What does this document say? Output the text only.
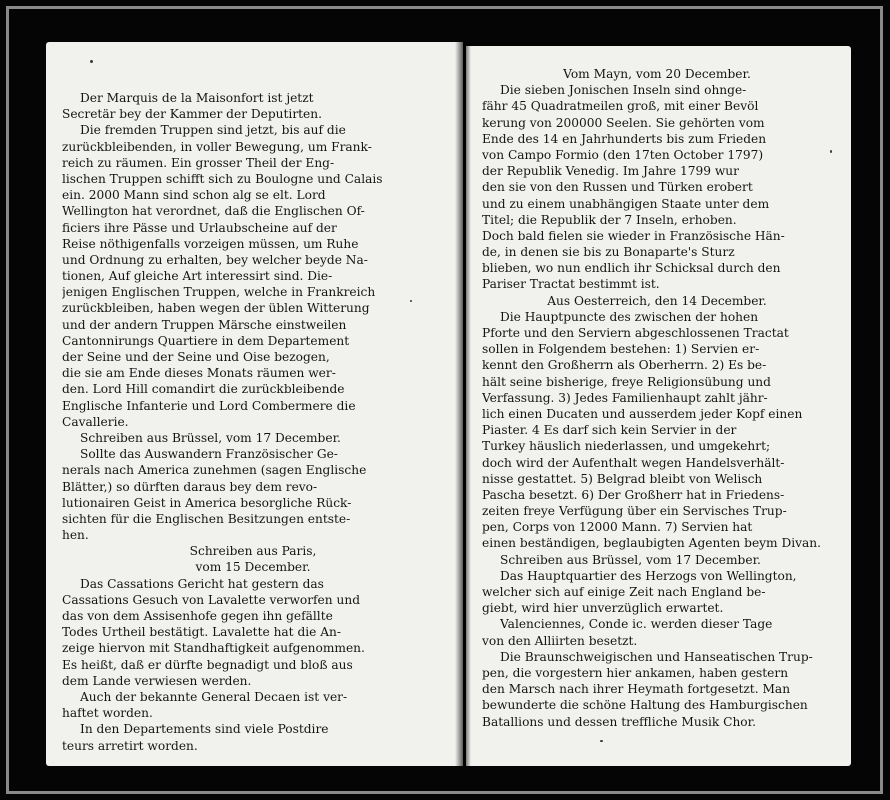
Der Marquis de la Maisonfort ist jetzt
Secretär bey der Kammer der Deputirten.
Die fremden Truppen sind jetzt, bis auf die
zurückbleibenden, in voller Bewegung, um Frank-
reich zu räumen. Ein grosser Theil der Eng-
lischen Truppen schifft sich zu Boulogne und Calais
ein. 2000 Mann sind schon alg se elt. Lord
Wellington hat verordnet, daß die Englischen Of-
ficiers ihre Pässe und Urlaubscheine auf der
Reise nöthigenfalls vorzeigen müssen, um Ruhe
und Ordnung zu erhalten, bey welcher beyde Na-
tionen, Auf gleiche Art interessirt sind. Die-
jenigen Englischen Truppen, welche in Frankreich
zurückbleiben, haben wegen der üblen Witterung
und der andern Truppen Märsche einstweilen
Cantonnirungs Quartiere in dem Departement
der Seine und der Seine und Oise bezogen,
die sie am Ende dieses Monats räumen wer-
den. Lord Hill comandirt die zurückbleibende
Englische Infanterie und Lord Combermere die
Cavallerie.
Schreiben aus Brüssel, vom 17 December.
Sollte das Auswandern Französischer Ge-
nerals nach America zunehmen (sagen Englische
Blätter,) so dürften daraus bey dem revo-
lutionairen Geist in America besorgliche Rück-
sichten für die Englischen Besitzungen entste-
hen.
Schreiben aus Paris,
vom 15 December.
Das Cassations Gericht hat gestern das
Cassations Gesuch von Lavalette verworfen und
das von dem Assisenhofe gegen ihn gefällte
Todes Urtheil bestätigt. Lavalette hat die An-
zeige hiervon mit Standhaftigkeit aufgenommen.
Es heißt, daß er dürfte begnadigt und bloß aus
dem Lande verwiesen werden.
Auch der bekannte General Decaen ist ver-
haftet worden.
In den Departements sind viele Postdire
teurs arretirt worden.
Vom Mayn, vom 20 December.
Die sieben Jonischen Inseln sind ohnge-
fähr 45 Quadratmeilen groß, mit einer Bevöl
kerung von 200000 Seelen. Sie gehörten vom
Ende des 14 en Jahrhunderts bis zum Frieden
von Campo Formio (den 17ten October 1797)
der Republik Venedig. Im Jahre 1799 wur
den sie von den Russen und Türken erobert
und zu einem unabhängigen Staate unter dem
Titel; die Republik der 7 Inseln, erhoben.
Doch bald fielen sie wieder in Französische Hän-
de, in denen sie bis zu Bonaparte's Sturz
blieben, wo nun endlich ihr Schicksal durch den
Pariser Tractat bestimmt ist.
Aus Oesterreich, den 14 December.
Die Hauptpuncte des zwischen der hohen
Pforte und den Serviern abgeschlossenen Tractat
sollen in Folgendem bestehen: 1) Servien er-
kennt den Großherrn als Oberherrn. 2) Es be-
hält seine bisherige, freye Religionsübung und
Verfassung. 3) Jedes Familienhaupt zahlt jähr-
lich einen Ducaten und ausserdem jeder Kopf einen
Piaster. 4 Es darf sich kein Servier in der
Turkey häuslich niederlassen, und umgekehrt;
doch wird der Aufenthalt wegen Handelsverhält-
nisse gestattet. 5) Belgrad bleibt von Welisch
Pascha besetzt. 6) Der Großherr hat in Friedens-
zeiten freye Verfügung über ein Servisches Trup-
pen, Corps von 12000 Mann. 7) Servien hat
einen beständigen, beglaubigten Agenten beym Divan.
Schreiben aus Brüssel, vom 17 December.
Das Hauptquartier des Herzogs von Wellington,
welcher sich auf einige Zeit nach England be-
giebt, wird hier unverzüglich erwartet.
Valenciennes, Conde ic. werden dieser Tage
von den Alliirten besetzt.
Die Braunschweigischen und Hanseatischen Trup-
pen, die vorgestern hier ankamen, haben gestern
den Marsch nach ihrer Heymath fortgesetzt. Man
bewunderte die schöne Haltung des Hamburgischen
Batallions und dessen treffliche Musik Chor.
